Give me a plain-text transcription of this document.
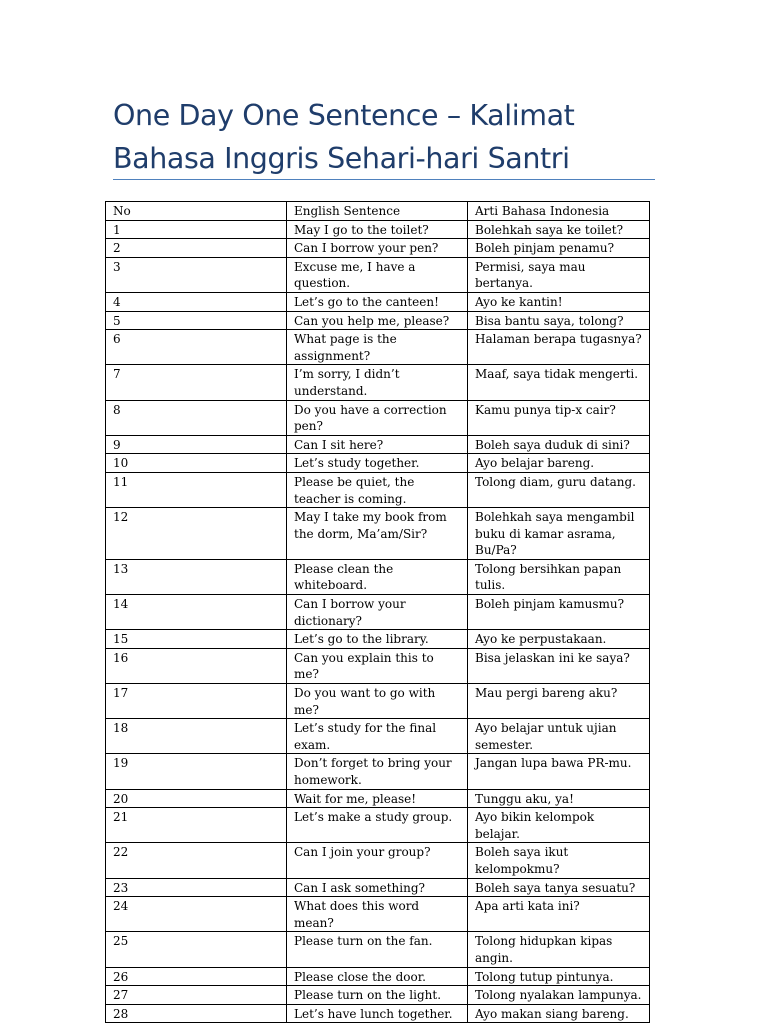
One Day One Sentence – Kalimat Bahasa Inggris Sehari-hari Santri
No	English Sentence	Arti Bahasa Indonesia
1	May I go to the toilet?	Bolehkah saya ke toilet?
2	Can I borrow your pen?	Boleh pinjam penamu?
3	Excuse me, I have a question.	Permisi, saya mau bertanya.
4	Let’s go to the canteen!	Ayo ke kantin!
5	Can you help me, please?	Bisa bantu saya, tolong?
6	What page is the assignment?	Halaman berapa tugasnya?
7	I’m sorry, I didn’t understand.	Maaf, saya tidak mengerti.
8	Do you have a correction pen?	Kamu punya tip-x cair?
9	Can I sit here?	Boleh saya duduk di sini?
10	Let’s study together.	Ayo belajar bareng.
11	Please be quiet, the teacher is coming.	Tolong diam, guru datang.
12	May I take my book from the dorm, Ma’am/Sir?	Bolehkah saya mengambil buku di kamar asrama, Bu/Pa?
13	Please clean the whiteboard.	Tolong bersihkan papan tulis.
14	Can I borrow your dictionary?	Boleh pinjam kamusmu?
15	Let’s go to the library.	Ayo ke perpustakaan.
16	Can you explain this to me?	Bisa jelaskan ini ke saya?
17	Do you want to go with me?	Mau pergi bareng aku?
18	Let’s study for the final exam.	Ayo belajar untuk ujian semester.
19	Don’t forget to bring your homework.	Jangan lupa bawa PR-mu.
20	Wait for me, please!	Tunggu aku, ya!
21	Let’s make a study group.	Ayo bikin kelompok belajar.
22	Can I join your group?	Boleh saya ikut kelompokmu?
23	Can I ask something?	Boleh saya tanya sesuatu?
24	What does this word mean?	Apa arti kata ini?
25	Please turn on the fan.	Tolong hidupkan kipas angin.
26	Please close the door.	Tolong tutup pintunya.
27	Please turn on the light.	Tolong nyalakan lampunya.
28	Let’s have lunch together.	Ayo makan siang bareng.
